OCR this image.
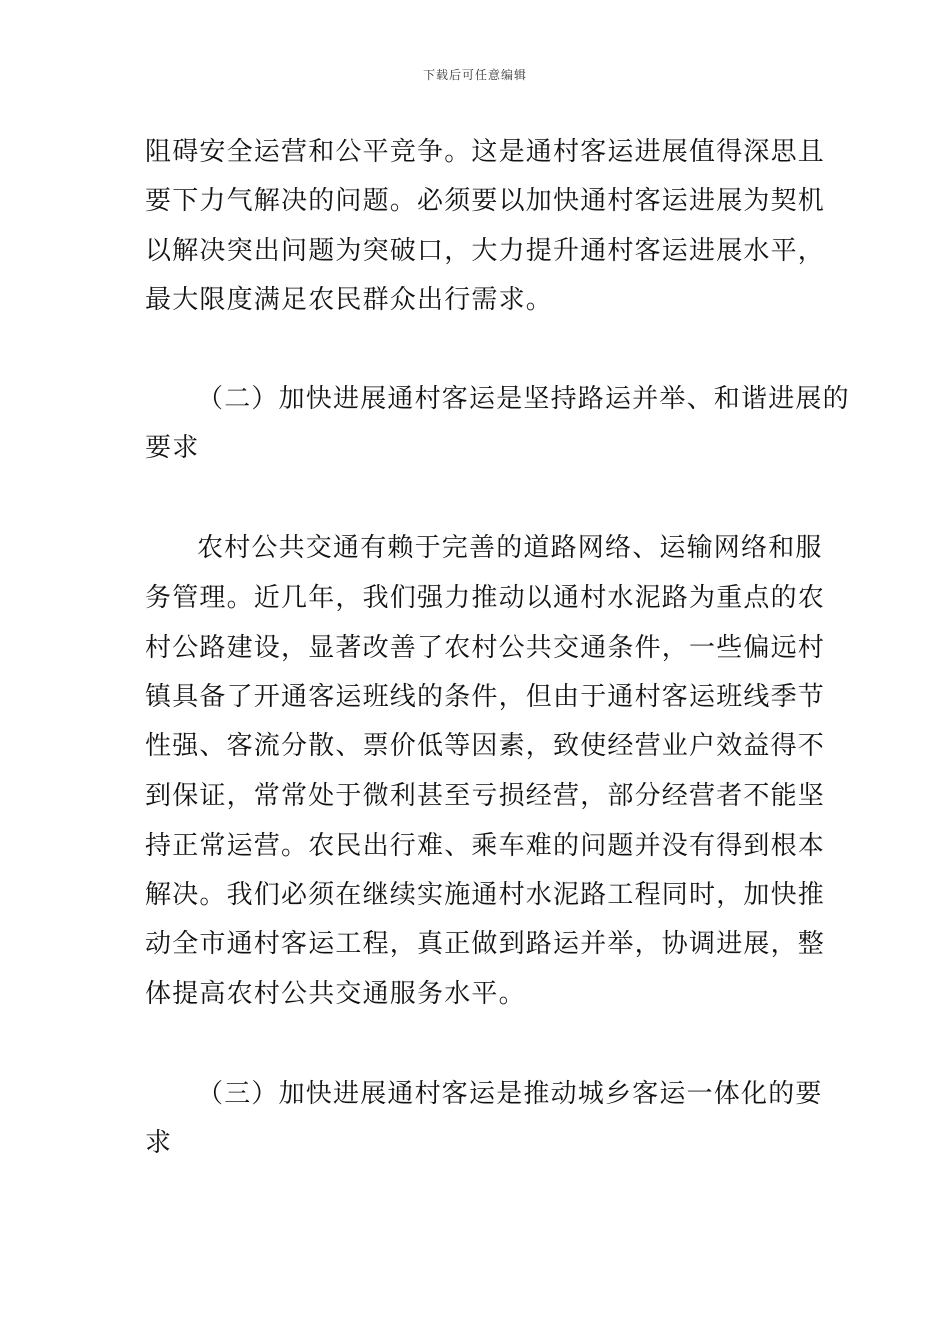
下载后可任意编辑
阻碍安全运营和公平竞争。这是通村客运进展值得深思且
要下力气解决的问题。必须要以加快通村客运进展为契机
以解决突出问题为突破口，大力提升通村客运进展水平，
最大限度满足农民群众出行需求。
（二）加快进展通村客运是坚持路运并举、和谐进展的
要求
农村公共交通有赖于完善的道路网络、运输网络和服
务管理。近几年，我们强力推动以通村水泥路为重点的农
村公路建设，显著改善了农村公共交通条件，一些偏远村
镇具备了开通客运班线的条件，但由于通村客运班线季节
性强、客流分散、票价低等因素，致使经营业户效益得不
到保证，常常处于微利甚至亏损经营，部分经营者不能坚
持正常运营。农民出行难、乘车难的问题并没有得到根本
解决。我们必须在继续实施通村水泥路工程同时，加快推
动全市通村客运工程，真正做到路运并举，协调进展，整
体提高农村公共交通服务水平。
（三）加快进展通村客运是推动城乡客运一体化的要
求
